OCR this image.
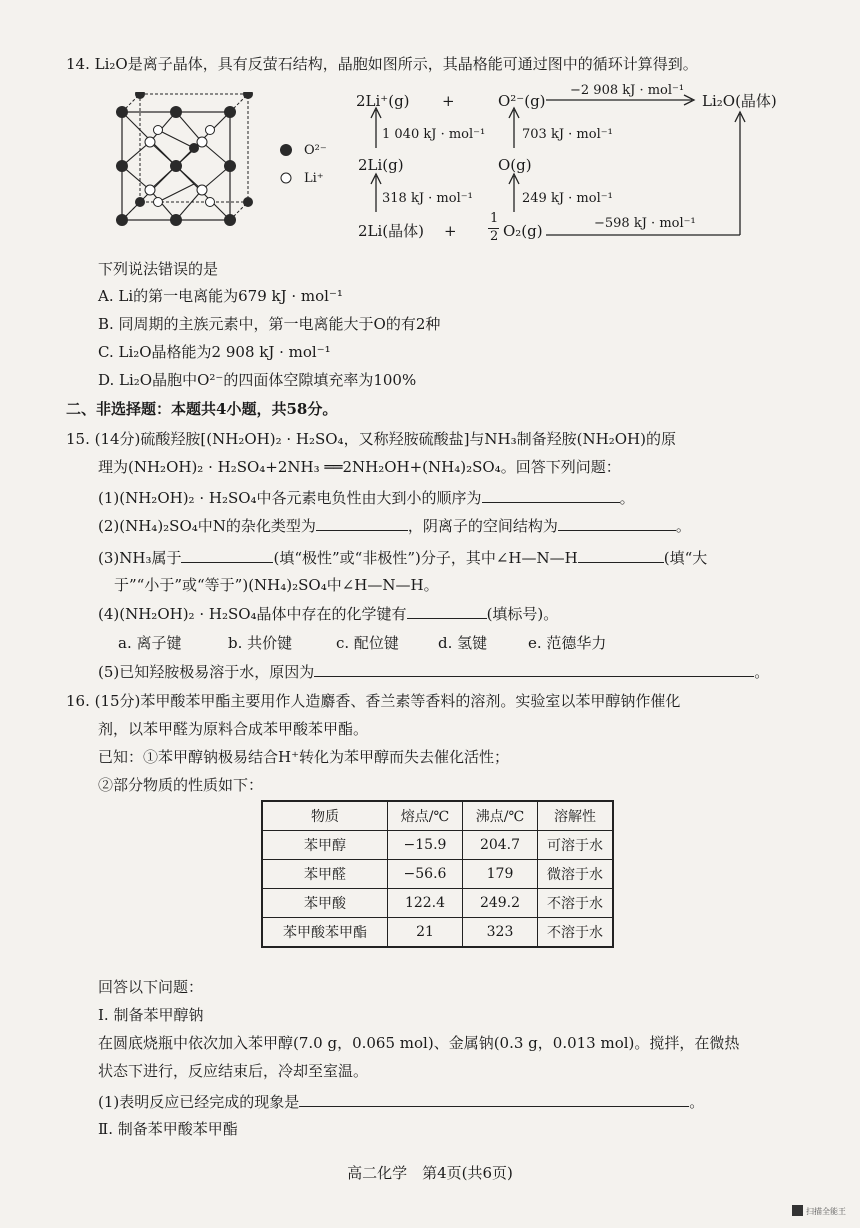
14. Li₂O是离子晶体，具有反萤石结构，晶胞如图所示，其晶格能可通过图中的循环计算得到。
O²⁻
Li⁺
2Li⁺(g) +	O²⁻(g)
−2 908 kJ · mol⁻¹
Li₂O(晶体)
1 040 kJ · mol⁻¹	703 kJ · mol⁻¹
2Li(g)	O(g)
318 kJ · mol⁻¹	249 kJ · mol⁻¹
2Li(晶体) +
1
2 O₂(g)	−598 kJ · mol⁻¹
下列说法错误的是
A. Li的第一电离能为679 kJ · mol⁻¹
B. 同周期的主族元素中，第一电离能大于O的有2种
C. Li₂O晶格能为2 908 kJ · mol⁻¹
D. Li₂O晶胞中O²⁻的四面体空隙填充率为100%
二、非选择题：本题共4小题，共58分。
15. (14分)硫酸羟胺[(NH₂OH)₂ · H₂SO₄，又称羟胺硫酸盐]与NH₃制备羟胺(NH₂OH)的原
理为(NH₂OH)₂ · H₂SO₄+2NH₃ ══2NH₂OH+(NH₄)₂SO₄。回答下列问题：
(1)(NH₂OH)₂ · H₂SO₄中各元素电负性由大到小的顺序为	。
(2)(NH₄)₂SO₄中N的杂化类型为	，阴离子的空间结构为	。
(3)NH₃属于	(填“极性”或“非极性”)分子，其中∠H—N—H	(填“大
于”“小于”或“等于”)(NH₄)₂SO₄中∠H—N—H。
(4)(NH₂OH)₂ · H₂SO₄晶体中存在的化学键有	(填标号)。
a. 离子键	b. 共价键	c. 配位键	d. 氢键	e. 范德华力
(5)已知羟胺极易溶于水，原因为	。
16. (15分)苯甲酸苯甲酯主要用作人造麝香、香兰素等香料的溶剂。实验室以苯甲醇钠作催化
剂，以苯甲醛为原料合成苯甲酸苯甲酯。
已知：①苯甲醇钠极易结合H⁺转化为苯甲醇而失去催化活性；
②部分物质的性质如下：
物质	熔点/℃	沸点/℃	溶解性
苯甲醇	−15.9	204.7	可溶于水
苯甲醛	−56.6	179	微溶于水
苯甲酸	122.4	249.2	不溶于水
苯甲酸苯甲酯	21	323	不溶于水
回答以下问题：
Ⅰ. 制备苯甲醇钠
在圆底烧瓶中依次加入苯甲醇(7.0 g，0.065 mol)、金属钠(0.3 g，0.013 mol)。搅拌，在微热
状态下进行，反应结束后，冷却至室温。
(1)表明反应已经完成的现象是	。
Ⅱ. 制备苯甲酸苯甲酯
高二化学　第4页(共6页)
扫描全能王
